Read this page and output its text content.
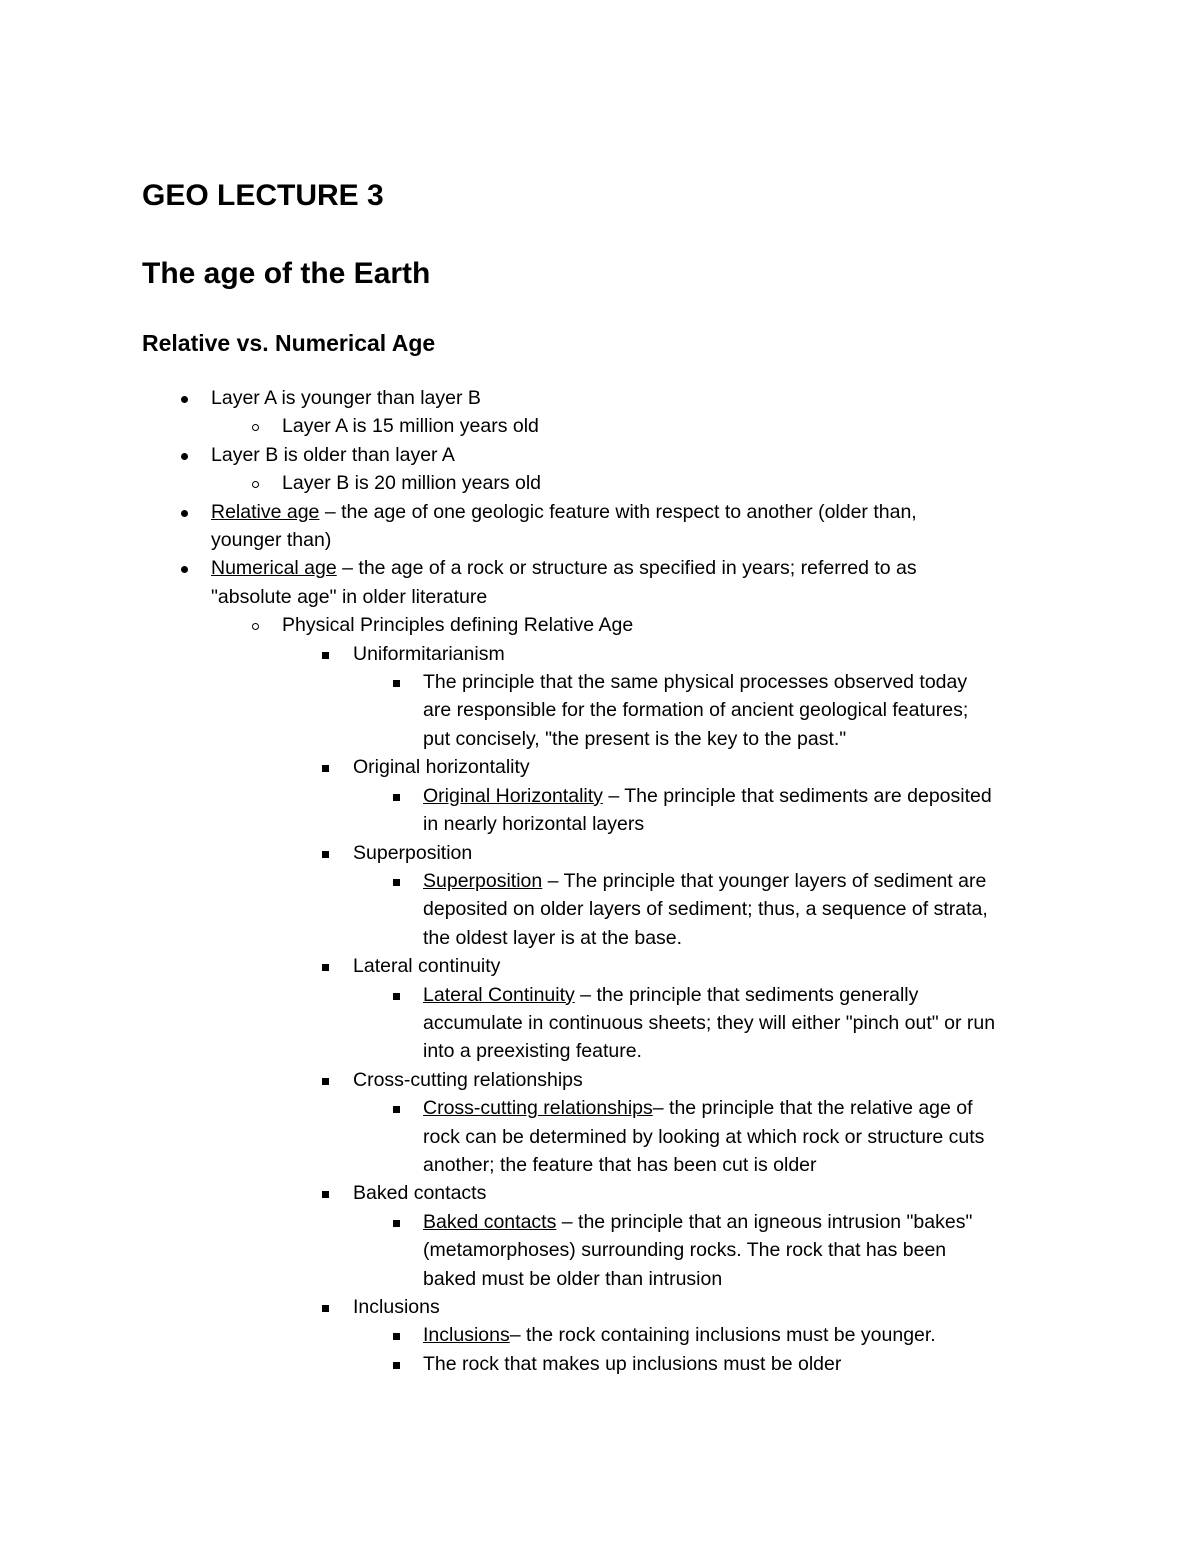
GEO LECTURE 3
The age of the Earth
Relative vs. Numerical Age
Layer A is younger than layer B

Layer A is 15 million years old

Layer B is older than layer A

Layer B is 20 million years old

Relative age – the age of one geologic feature with respect to another (older than,

younger than)

Numerical age – the age of a rock or structure as specified in years; referred to as

"absolute age" in older literature

Physical Principles defining Relative Age

Uniformitarianism

The principle that the same physical processes observed today

are responsible for the formation of ancient geological features;

put concisely, "the present is the key to the past."

Original horizontality

Original Horizontality – The principle that sediments are deposited

in nearly horizontal layers

Superposition

Superposition – The principle that younger layers of sediment are

deposited on older layers of sediment; thus, a sequence of strata,

the oldest layer is at the base.

Lateral continuity

Lateral Continuity – the principle that sediments generally

accumulate in continuous sheets; they will either "pinch out" or run

into a preexisting feature.

Cross-cutting relationships

Cross-cutting relationships– the principle that the relative age of

rock can be determined by looking at which rock or structure cuts

another; the feature that has been cut is older

Baked contacts

Baked contacts – the principle that an igneous intrusion "bakes"

(metamorphoses) surrounding rocks. The rock that has been

baked must be older than intrusion

Inclusions

Inclusions– the rock containing inclusions must be younger.

The rock that makes up inclusions must be older
